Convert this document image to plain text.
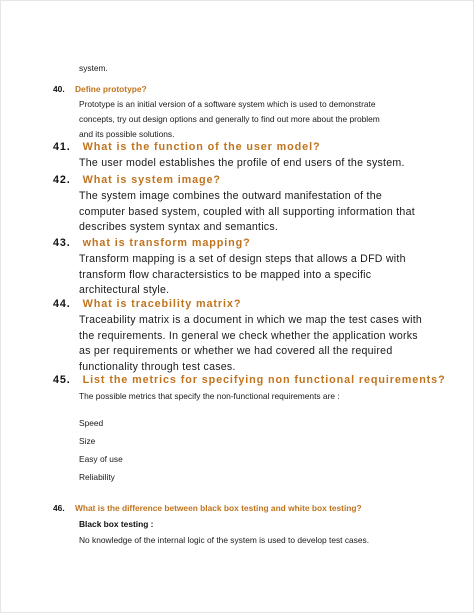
system.

40. Define prototype?

Prototype is an initial version of a software system which is used to demonstrate

concepts, try out design options and generally to find out more about the problem

and its possible solutions.

41. What is the function of the user model?

The user model establishes the profile of end users of the system.

42. What is system image?

The system image combines the outward manifestation of the

computer based system, coupled with all supporting information that

describes system syntax and semantics.

43. what is transform mapping?

Transform mapping is a set of design steps that allows a DFD with

transform flow charactersistics to be mapped into a specific

architectural style.

44. What is tracebility matrix?

Traceability matrix is a document in which we map the test cases with

the requirements. In general we check whether the application works

as per requirements or whether we had covered all the required

functionality through test cases.

45. List the metrics for specifying non functional requirements?

The possible metrics that specify the non-functional requirements are :

Speed

Size

Easy of use

Reliability

46. What is the difference between black box testing and white box testing?

Black box testing :

No knowledge of the internal logic of the system is used to develop test cases.
